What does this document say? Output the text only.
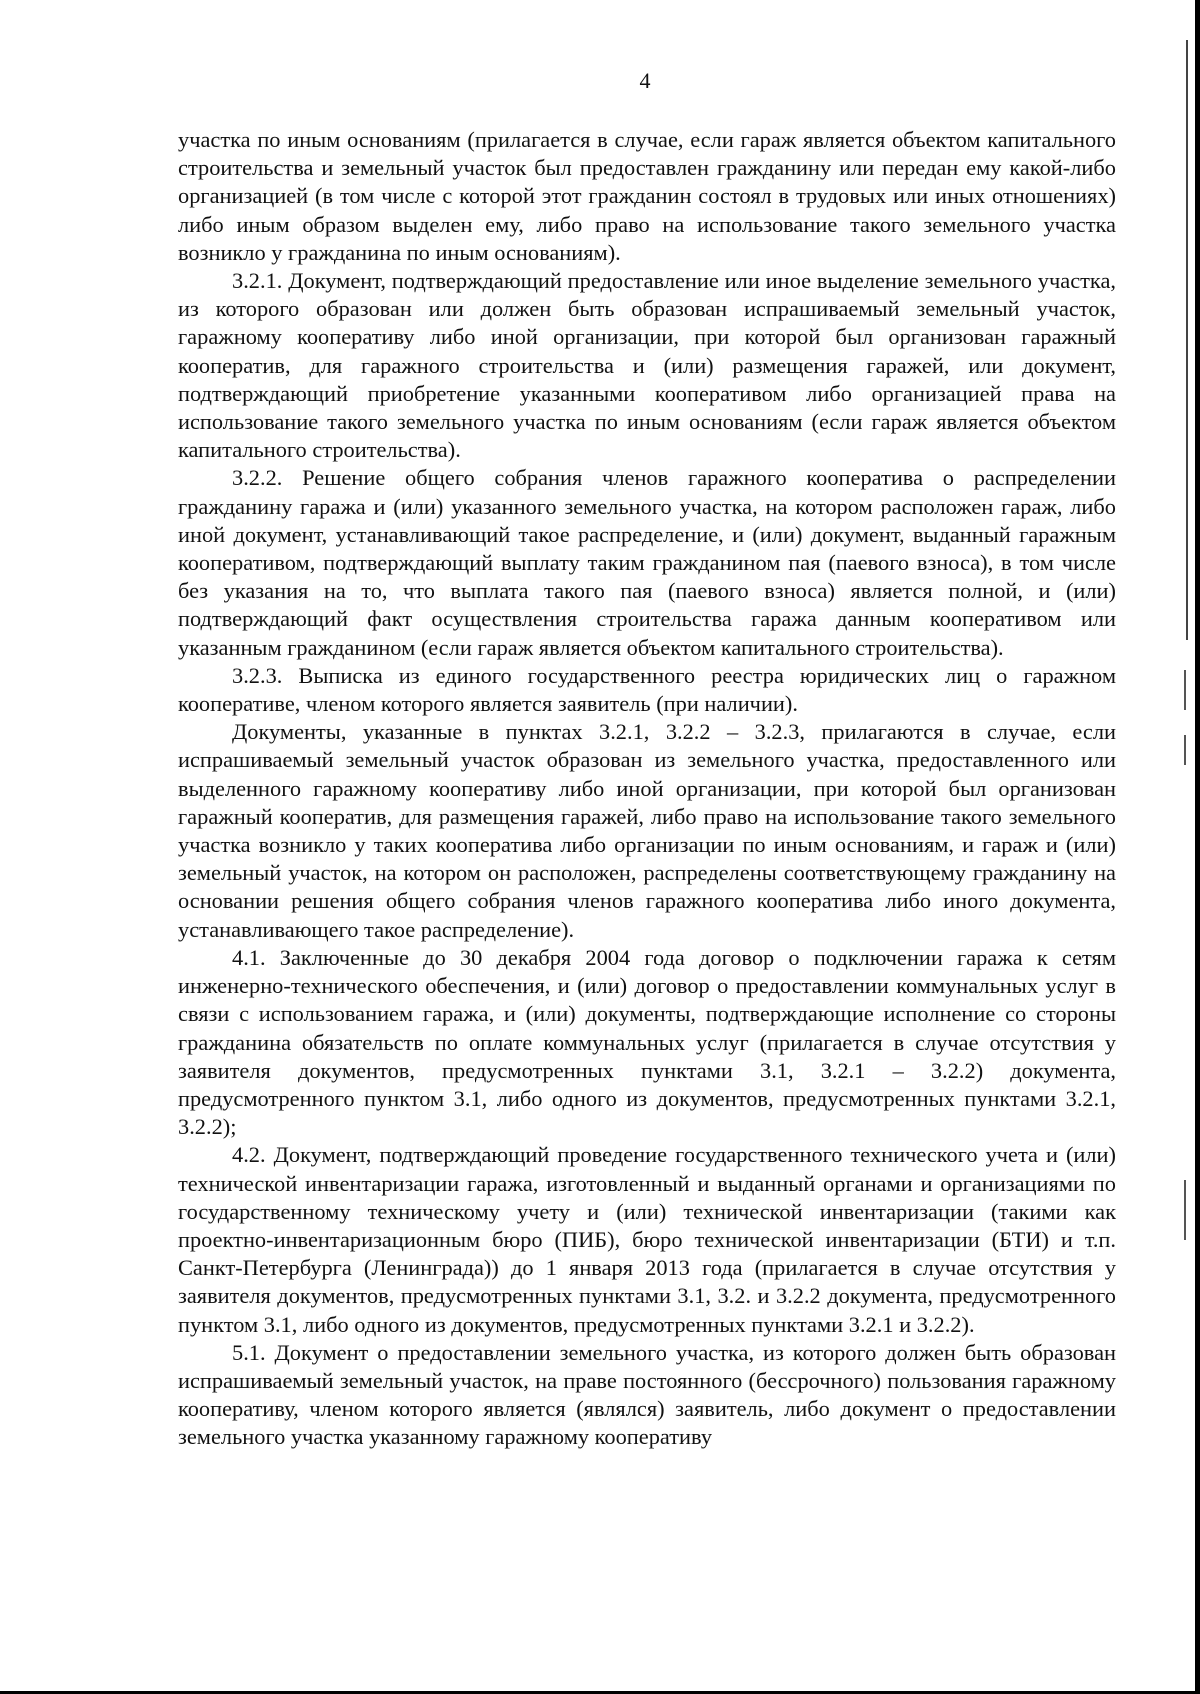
4

участка по иным основаниям (прилагается в случае, если гараж является объектом капитального строительства и земельный участок был предоставлен гражданину или передан ему какой-либо организацией (в том числе с которой этот гражданин состоял в трудовых или иных отношениях) либо иным образом выделен ему, либо право на использование такого земельного участка возникло у гражданина по иным основаниям).

3.2.1. Документ, подтверждающий предоставление или иное выделение земельного участка, из которого образован или должен быть образован испрашиваемый земельный участок, гаражному кооперативу либо иной организации, при которой был организован гаражный кооператив, для гаражного строительства и (или) размещения гаражей, или документ, подтверждающий приобретение указанными кооперативом либо организацией права на использование такого земельного участка по иным основаниям (если гараж является объектом капитального строительства).

3.2.2. Решение общего собрания членов гаражного кооператива о распределении гражданину гаража и (или) указанного земельного участка, на котором расположен гараж, либо иной документ, устанавливающий такое распределение, и (или) документ, выданный гаражным кооперативом, подтверждающий выплату таким гражданином пая (паевого взноса), в том числе без указания на то, что выплата такого пая (паевого взноса) является полной, и (или) подтверждающий факт осуществления строительства гаража данным кооперативом или указанным гражданином (если гараж является объектом капитального строительства).

3.2.3. Выписка из единого государственного реестра юридических лиц о гаражном кооперативе, членом которого является заявитель (при наличии).

Документы, указанные в пунктах 3.2.1, 3.2.2 – 3.2.3, прилагаются в случае, если испрашиваемый земельный участок образован из земельного участка, предоставленного или выделенного гаражному кооперативу либо иной организации, при которой был организован гаражный кооператив, для размещения гаражей, либо право на использование такого земельного участка возникло у таких кооператива либо организации по иным основаниям, и гараж и (или) земельный участок, на котором он расположен, распределены соответствующему гражданину на основании решения общего собрания членов гаражного кооператива либо иного документа, устанавливающего такое распределение).

4.1. Заключенные до 30 декабря 2004 года договор о подключении гаража к сетям инженерно-технического обеспечения, и (или) договор о предоставлении коммунальных услуг в связи с использованием гаража, и (или) документы, подтверждающие исполнение со стороны гражданина обязательств по оплате коммунальных услуг (прилагается в случае отсутствия у заявителя документов, предусмотренных пунктами 3.1, 3.2.1 – 3.2.2) документа, предусмотренного пунктом 3.1, либо одного из документов, предусмотренных пунктами 3.2.1, 3.2.2);

4.2. Документ, подтверждающий проведение государственного технического учета и (или) технической инвентаризации гаража, изготовленный и выданный органами и организациями по государственному техническому учету и (или) технической инвентаризации (такими как проектно-инвентаризационным бюро (ПИБ), бюро технической инвентаризации (БТИ) и т.п. Санкт-Петербурга (Ленинграда)) до 1 января 2013 года (прилагается в случае отсутствия у заявителя документов, предусмотренных пунктами 3.1, 3.2. и 3.2.2 документа, предусмотренного пунктом 3.1, либо одного из документов, предусмотренных пунктами 3.2.1 и 3.2.2).

5.1. Документ о предоставлении земельного участка, из которого должен быть образован испрашиваемый земельный участок, на праве постоянного (бессрочного) пользования гаражному кооперативу, членом которого является (являлся) заявитель, либо документ о предоставлении земельного участка указанному гаражному кооперативу
